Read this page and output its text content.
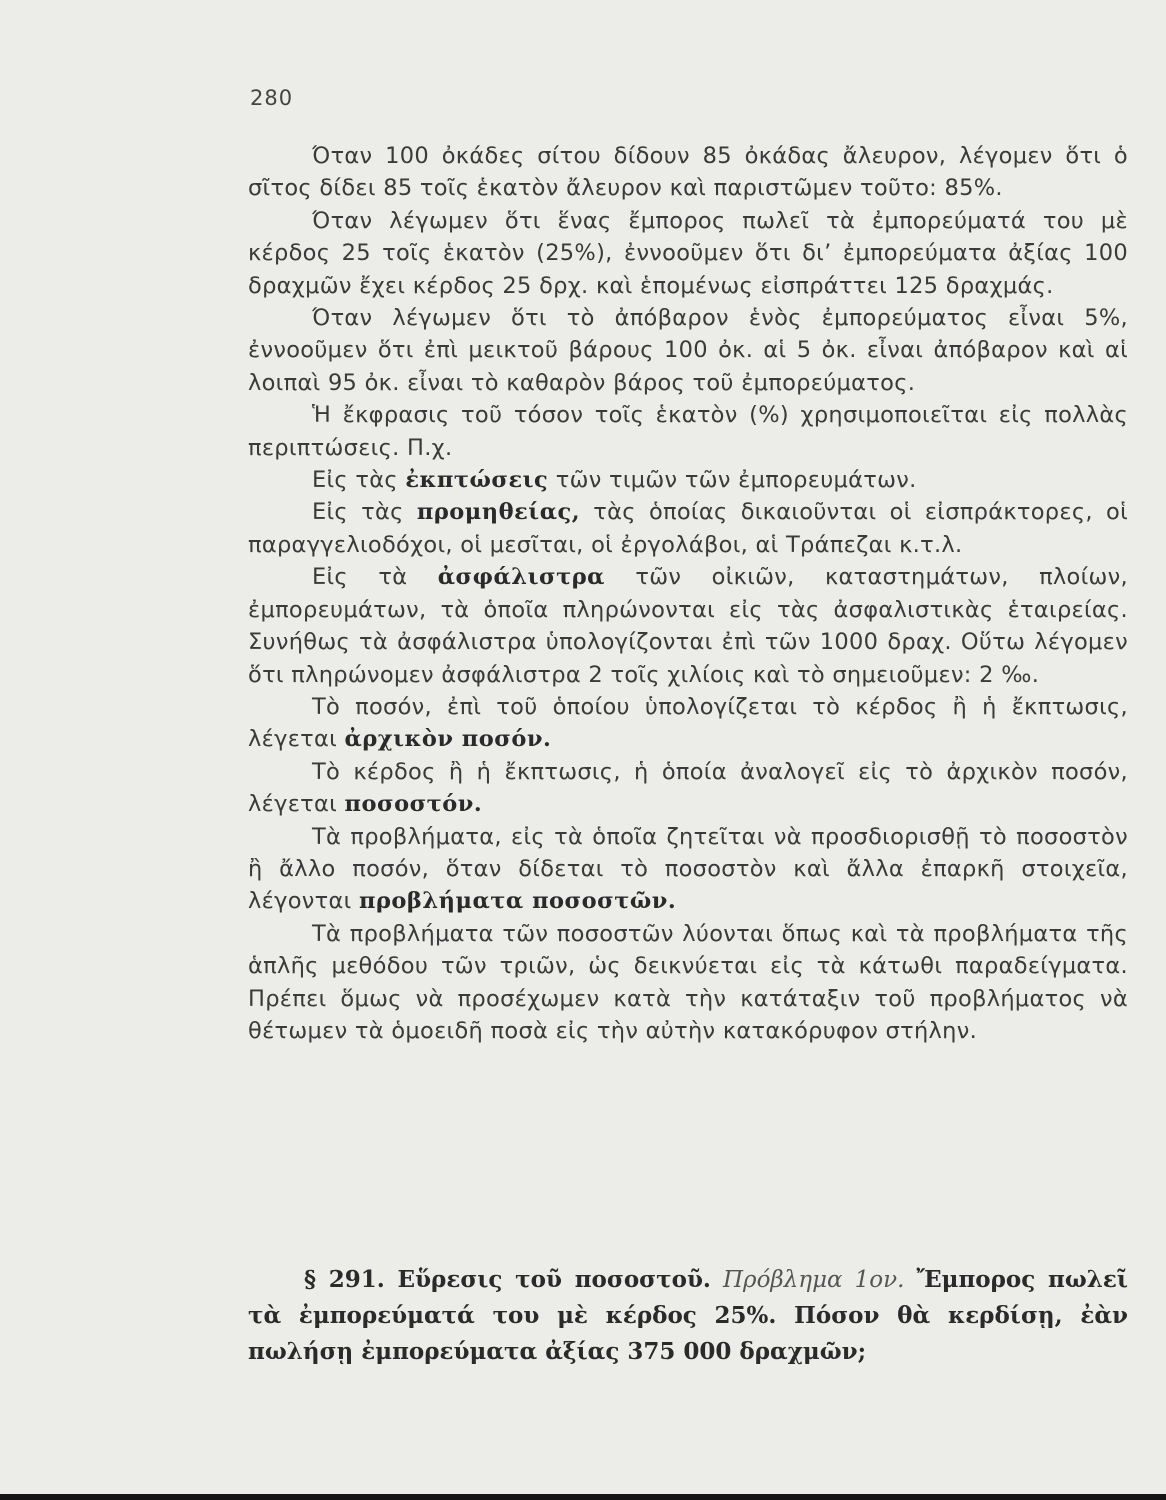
280

Όταν 100 ὀκάδες σίτου δίδουν 85 ὀκάδας ἄλευρον, λέγομεν ὅτι ὁ σῖτος δίδει 85 τοῖς ἑκατὸν ἄλευρον καὶ παριστῶμεν τοῦτο: 85%.

Όταν λέγωμεν ὅτι ἕνας ἔμπορος πωλεῖ τὰ ἐμπορεύματά του μὲ κέρδος 25 τοῖς ἑκατὸν (25%), ἐννοοῦμεν ὅτι δι’ ἐμπορεύματα ἀξίας 100 δραχμῶν ἔχει κέρδος 25 δρχ. καὶ ἑπομένως εἰσπράττει 125 δραχμάς.

Όταν λέγωμεν ὅτι τὸ ἀπόβαρον ἑνὸς ἐμπορεύματος εἶναι 5%, ἐννοοῦμεν ὅτι ἐπὶ μεικτοῦ βάρους 100 ὀκ. αἱ 5 ὀκ. εἶναι ἀπόβαρον καὶ αἱ λοιπαὶ 95 ὀκ. εἶναι τὸ καθαρὸν βάρος τοῦ ἐμπορεύματος.

Ἡ ἔκφρασις τοῦ τόσον τοῖς ἑκατὸν (%) χρησιμοποιεῖται εἰς πολλὰς περιπτώσεις. Π.χ.

Εἰς τὰς ἐκπτώσεις τῶν τιμῶν τῶν ἐμπορευμάτων.

Εἰς τὰς προμηθείας, τὰς ὁποίας δικαιοῦνται οἱ εἰσπράκτορες, οἱ παραγγελιοδόχοι, οἱ μεσῖται, οἱ ἐργολάβοι, αἱ Τράπεζαι κ.τ.λ.

Εἰς τὰ ἀσφάλιστρα τῶν οἰκιῶν, καταστημάτων, πλοίων, ἐμπορευμάτων, τὰ ὁποῖα πληρώνονται εἰς τὰς ἀσφαλιστικὰς ἑταιρείας. Συνήθως τὰ ἀσφάλιστρα ὑπολογίζονται ἐπὶ τῶν 1000 δραχ. Οὕτω λέγομεν ὅτι πληρώνομεν ἀσφάλιστρα 2 τοῖς χιλίοις καὶ τὸ σημειοῦμεν: 2 ‰.

Τὸ ποσόν, ἐπὶ τοῦ ὁποίου ὑπολογίζεται τὸ κέρδος ἢ ἡ ἔκπτωσις, λέγεται ἀρχικὸν ποσόν.

Τὸ κέρδος ἢ ἡ ἔκπτωσις, ἡ ὁποία ἀναλογεῖ εἰς τὸ ἀρχικὸν ποσόν, λέγεται ποσοστόν.

Τὰ προβλήματα, εἰς τὰ ὁποῖα ζητεῖται νὰ προσδιορισθῇ τὸ ποσοστὸν ἢ ἄλλο ποσόν, ὅταν δίδεται τὸ ποσοστὸν καὶ ἄλλα ἐπαρκῆ στοιχεῖα, λέγονται προβλήματα ποσοστῶν.

Τὰ προβλήματα τῶν ποσοστῶν λύονται ὅπως καὶ τὰ προβλήματα τῆς ἁπλῆς μεθόδου τῶν τριῶν, ὡς δεικνύεται εἰς τὰ κάτωθι παραδείγματα. Πρέπει ὅμως νὰ προσέχωμεν κατὰ τὴν κατάταξιν τοῦ προβλήματος νὰ θέτωμεν τὰ ὁμοειδῆ ποσὰ εἰς τὴν αὐτὴν κατακόρυφον στήλην.

§ 291. Εὕρεσις τοῦ ποσοστοῦ. Πρόβλημα 1ον. Ἔμπορος πωλεῖ τὰ ἐμπορεύματά του μὲ κέρδος 25%. Πόσον θὰ κερδίσῃ, ἐὰν πωλήσῃ ἐμπορεύματα ἀξίας 375 000 δραχμῶν;
